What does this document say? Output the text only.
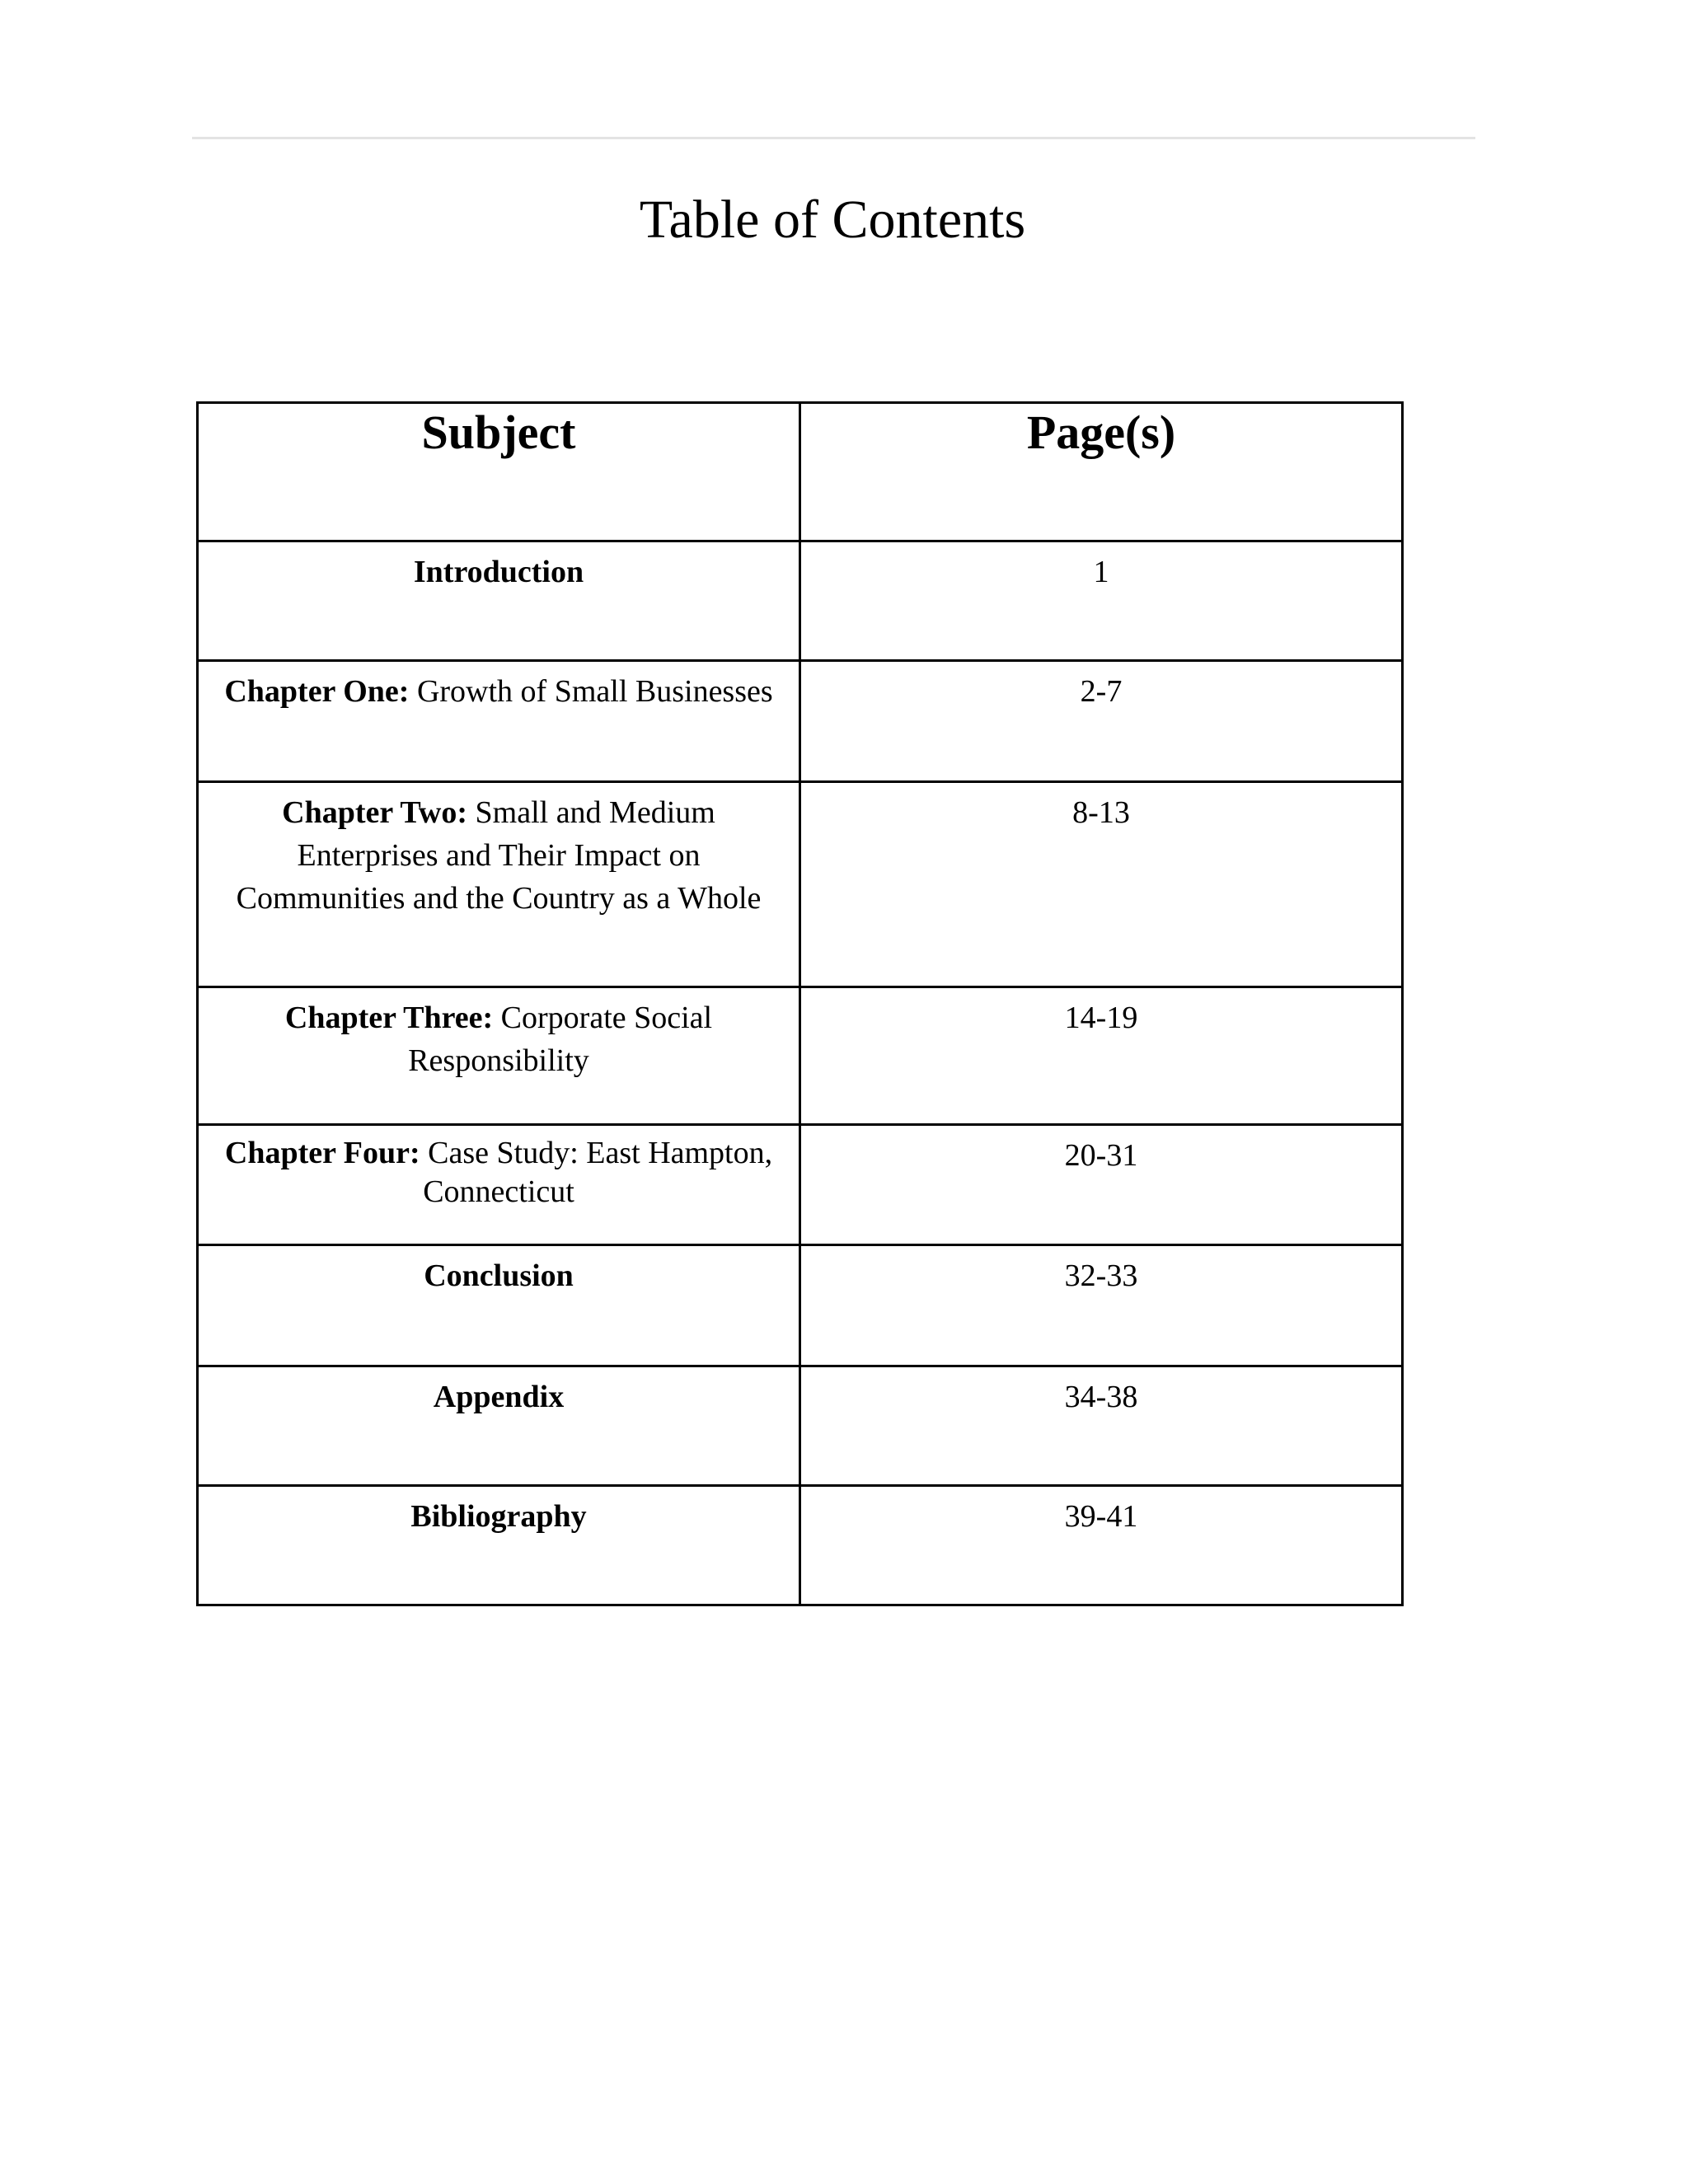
Table of Contents
Subject	Page(s)

Introduction	1
Chapter One: Growth of Small Businesses	2-7
Chapter Two: Small and Medium Enterprises and Their Impact on Communities and the Country as a Whole	8-13
Chapter Three: Corporate Social Responsibility	14-19
Chapter Four: Case Study: East Hampton, Connecticut	20-31
Conclusion	32-33
Appendix	34-38
Bibliography	39-41
